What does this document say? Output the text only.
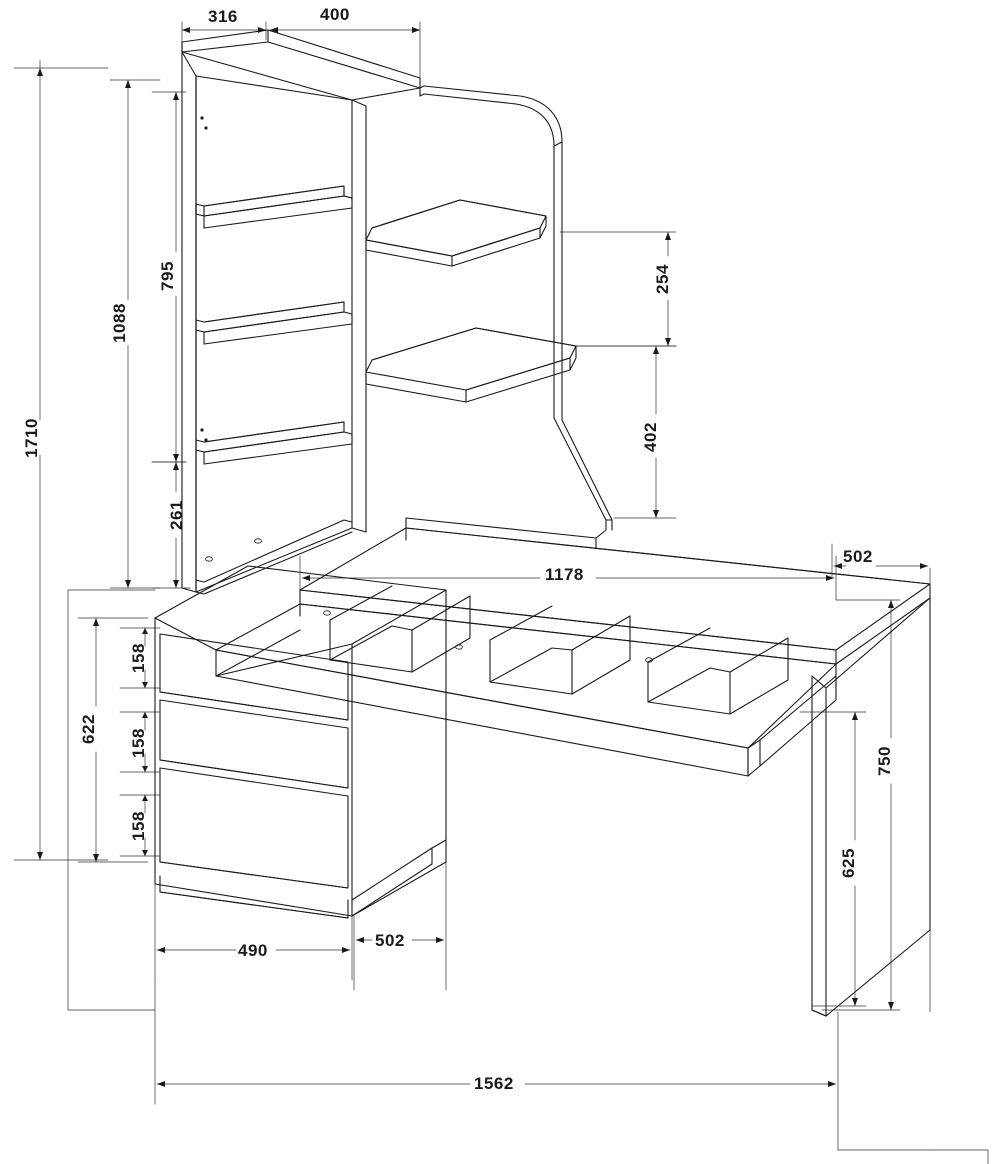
316	400
795
1088
1710
254
402
261
1178
502
158
158
158
622
750
625
490
502
1562
